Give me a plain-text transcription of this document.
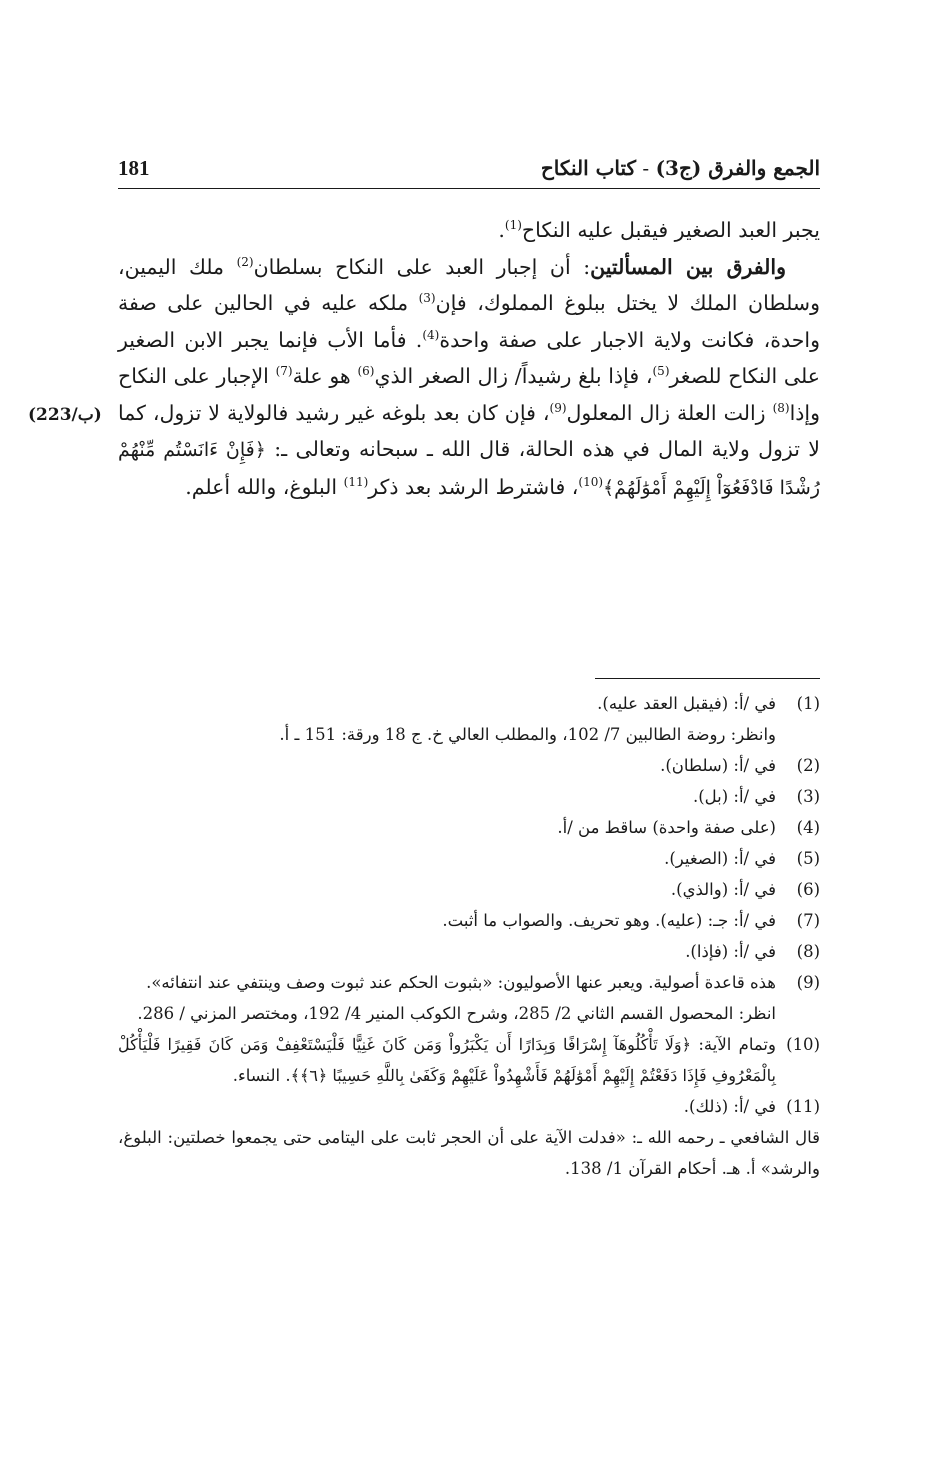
الجمع والفرق (ج3) - كتاب النكاح
181
(223/ب)

يجبر العبد الصغير فيقبل عليه النكاح$^{(1)}$.

والفرق بين المسألتين: أن إجبار العبد على النكاح بسلطان$^{(2)}$ ملك اليمين، وسلطان الملك لا يختل ببلوغ المملوك، فإن$^{(3)}$ ملكه عليه في الحالين على صفة واحدة، فكانت ولاية الاجبار على صفة واحدة$^{(4)}$. فأما الأب فإنما يجبر الابن الصغير على النكاح للصغر$^{(5)}$، فإذا بلغ رشيداً/ زال الصغر الذي$^{(6)}$ هو علة$^{(7)}$ الإجبار على النكاح وإذا$^{(8)}$ زالت العلة زال المعلول$^{(9)}$، فإن كان بعد بلوغه غير رشيد فالولاية لا تزول، كما لا تزول ولاية المال في هذه الحالة، قال الله ـ سبحانه وتعالى ـ: ﴿فَإِنْ ءَانَسْتُم مِّنْهُمْ رُشْدًا فَادْفَعُوٓاْ إِلَيْهِمْ أَمْوَٰلَهُمْ﴾$^{(10)}$، فاشترط الرشد بعد ذكر$^{(11)}$ البلوغ، والله أعلم.

(1)
في /أ: (فيقبل العقد عليه).
وانظر: روضة الطالبين 7/ 102، والمطلب العالي خ. ج 18 ورقة: 151 ـ أ.
(2)
في /أ: (سلطان).
(3)
في /أ: (بل).
(4)
(على صفة واحدة) ساقط من /أ.
(5)
في /أ: (الصغير).
(6)
في /أ: (والذي).
(7)
في /أ: جـ: (عليه). وهو تحريف. والصواب ما أثبت.
(8)
في /أ: (فإذا).
(9)
هذه قاعدة أصولية. ويعبر عنها الأصوليون: «بثبوت الحكم عند ثبوت وصف وينتفي عند انتفائه».
انظر: المحصول القسم الثاني 2/ 285، وشرح الكوكب المنير 4/ 192، ومختصر المزني / 286.
(10)
وتمام الآية: ﴿وَلَا تَأْكُلُوهَآ إِسْرَافًا وَبِدَارًا أَن يَكْبَرُواْ وَمَن كَانَ غَنِيًّا فَلْيَسْتَعْفِفْ وَمَن كَانَ فَقِيرًا فَلْيَأْكُلْ بِالْمَعْرُوفِ فَإِذَا دَفَعْتُمْ إِلَيْهِمْ أَمْوَٰلَهُمْ فَأَشْهِدُواْ عَلَيْهِمْ وَكَفَىٰ بِاللَّهِ حَسِيبًا ﴿٦﴾﴾. النساء.
(11)
في /أ: (ذلك).
قال الشافعي ـ رحمه الله ـ: «فدلت الآية على أن الحجر ثابت على اليتامى حتى يجمعوا خصلتين: البلوغ، والرشد» أ. هـ. أحكام القرآن 1/ 138.
